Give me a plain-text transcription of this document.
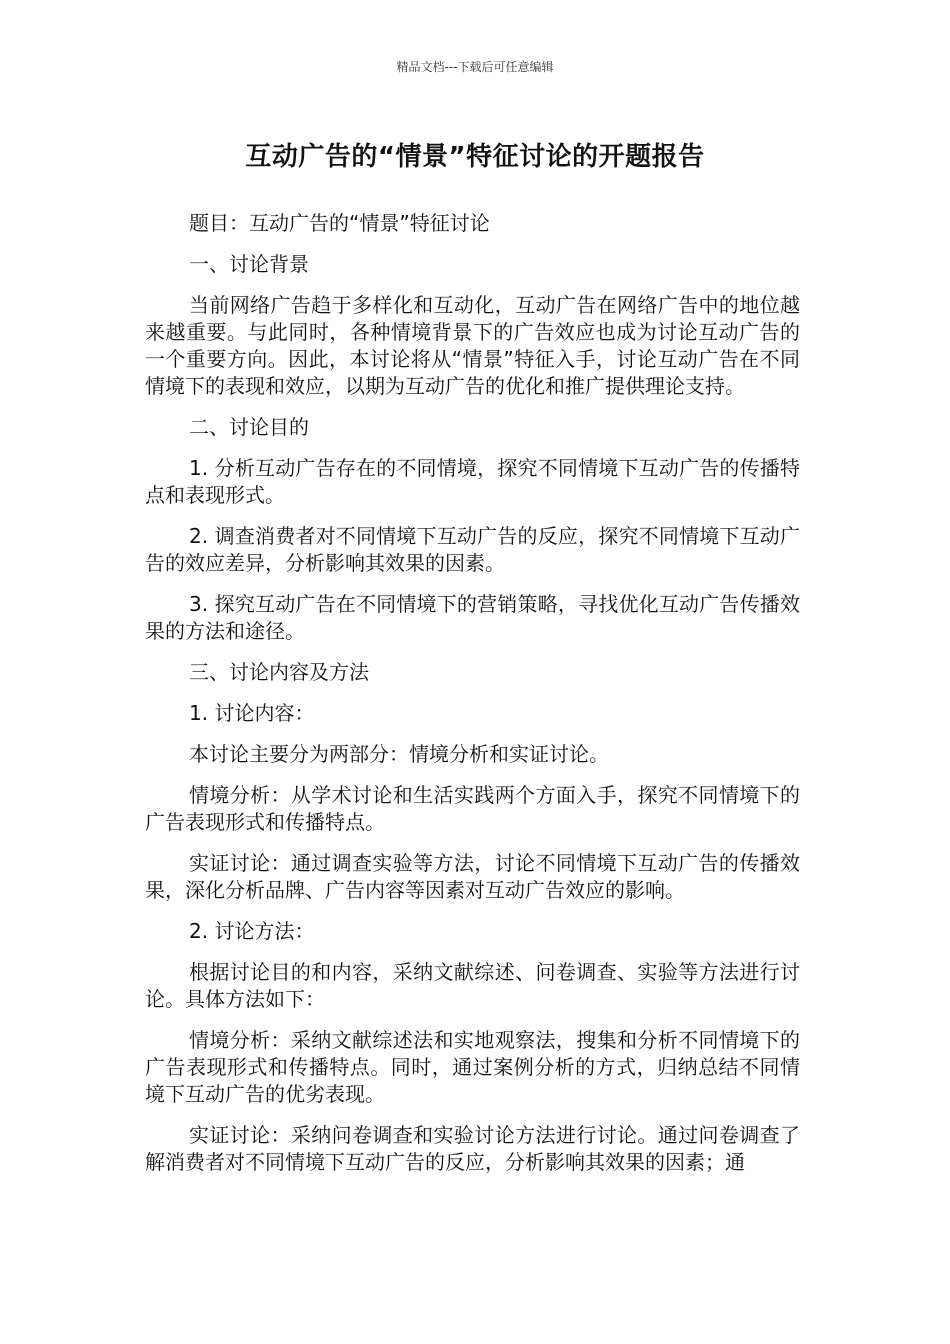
精品文档---下载后可任意编辑
互动广告的“情景”特征讨论的开题报告

题目：互动广告的“情景”特征讨论

一、讨论背景

当前网络广告趋于多样化和互动化，互动广告在网络广告中的地位越来越重要。与此同时，各种情境背景下的广告效应也成为讨论互动广告的一个重要方向。因此，本讨论将从“情景”特征入手，讨论互动广告在不同情境下的表现和效应，以期为互动广告的优化和推广提供理论支持。

二、讨论目的

1. 分析互动广告存在的不同情境，探究不同情境下互动广告的传播特点和表现形式。

2. 调查消费者对不同情境下互动广告的反应，探究不同情境下互动广告的效应差异，分析影响其效果的因素。

3. 探究互动广告在不同情境下的营销策略，寻找优化互动广告传播效果的方法和途径。

三、讨论内容及方法

1. 讨论内容：

本讨论主要分为两部分：情境分析和实证讨论。

情境分析：从学术讨论和生活实践两个方面入手，探究不同情境下的广告表现形式和传播特点。

实证讨论：通过调查实验等方法，讨论不同情境下互动广告的传播效果，深化分析品牌、广告内容等因素对互动广告效应的影响。

2. 讨论方法：

根据讨论目的和内容，采纳文献综述、问卷调查、实验等方法进行讨论。具体方法如下：

情境分析：采纳文献综述法和实地观察法，搜集和分析不同情境下的广告表现形式和传播特点。同时，通过案例分析的方式，归纳总结不同情境下互动广告的优劣表现。

实证讨论：采纳问卷调查和实验讨论方法进行讨论。通过问卷调查了解消费者对不同情境下互动广告的反应，分析影响其效果的因素；通
